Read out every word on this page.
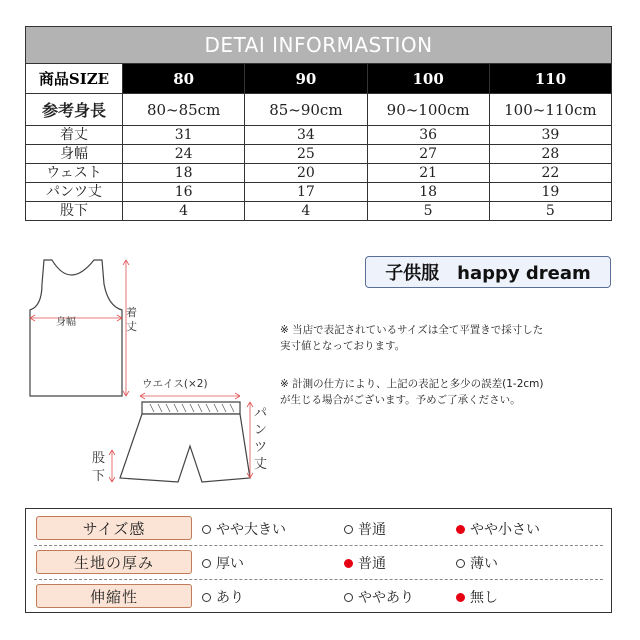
DETAI INFORMASTION				
商品SIZE	80	90	100	110
参考身長	80~85cm	85~90cm	90~100cm	100~110cm
着丈	31	34	36	39
身幅	24	25	27	28
ウェスト	18	20	21	22
パンツ丈	16	17	18	19
股下	4	4	5	5
身幅
着
丈
ウエイス(×2)
パ
ン
ツ
丈
股
下
子供服　happy dream
※ 当店で表記されているサイズは全て平置きで採寸した
実寸値となっております。
※ 計測の仕方により、上記の表記と多少の誤差(1-2cm)
が生じる場合がございます。予めご了承ください。
サイズ感	やや大きい	普通	やや小さい
生地の厚み	厚い	普通	薄い
伸縮性	あり	ややあり	無し
